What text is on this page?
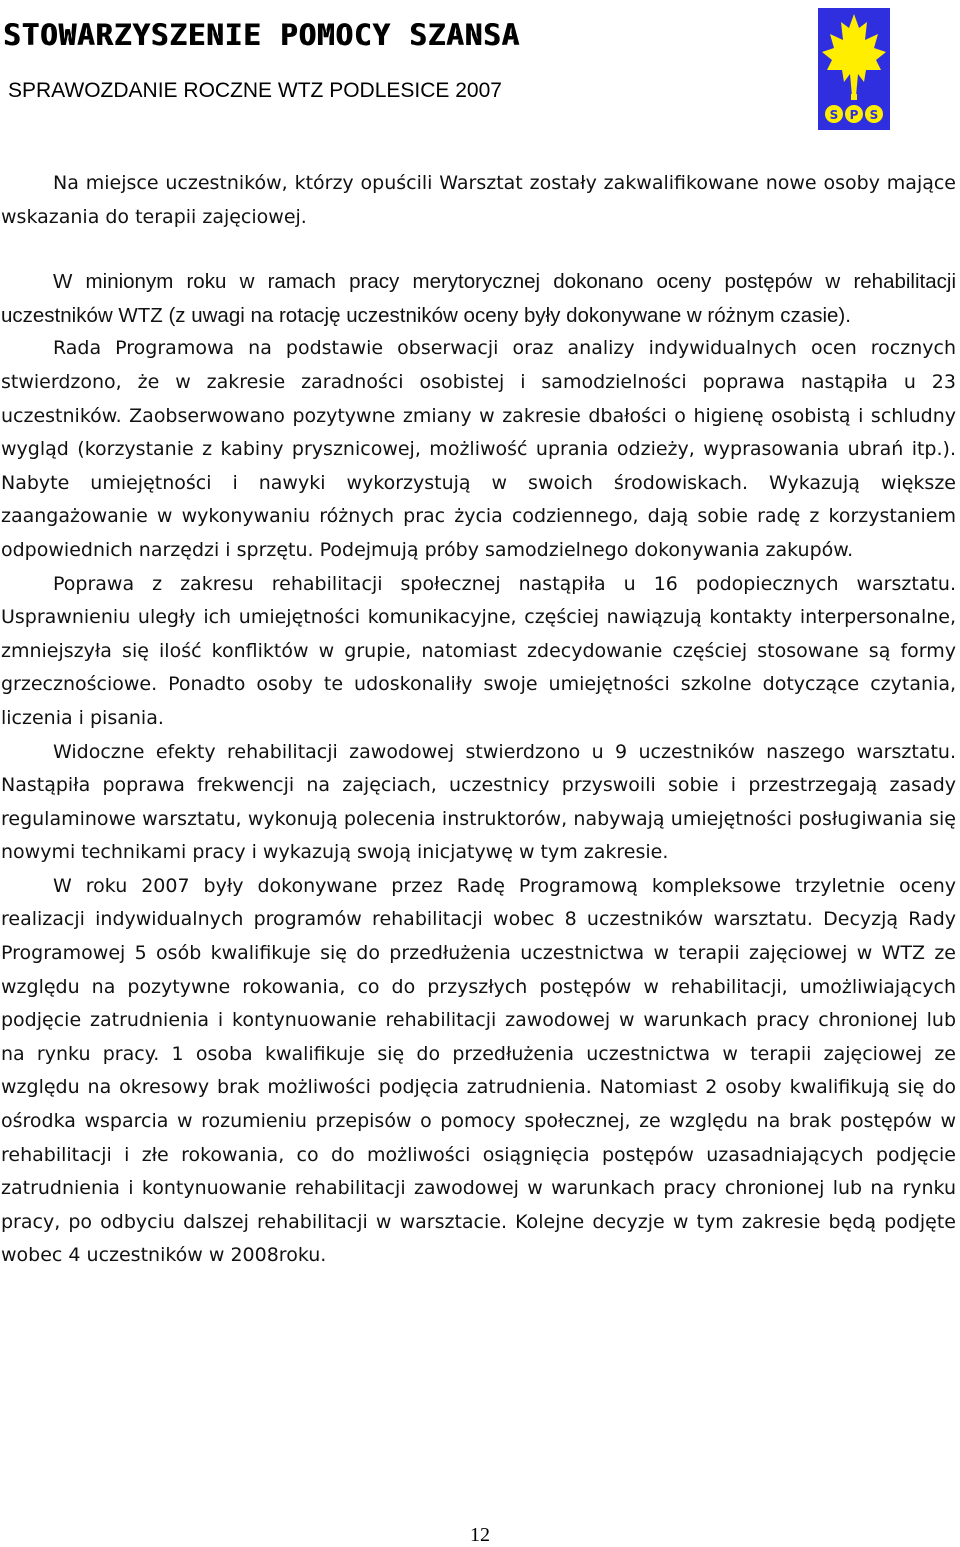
STOWARZYSZENIE POMOCY SZANSA
SPRAWOZDANIE ROCZNE WTZ PODLESICE 2007
S P S

Na miejsce uczestników, którzy opuścili Warsztat zostały zakwalifikowane nowe osoby mające wskazania do terapii zajęciowej.

W minionym roku w ramach pracy merytorycznej dokonano oceny postępów w rehabilitacji uczestników WTZ (z uwagi na rotację uczestników oceny były dokonywane w różnym czasie).

Rada Programowa na podstawie obserwacji oraz analizy indywidualnych ocen rocznych stwierdzono, że w zakresie zaradności osobistej i samodzielności poprawa nastąpiła u 23 uczestników. Zaobserwowano pozytywne zmiany w zakresie dbałości o higienę osobistą i schludny wygląd (korzystanie z kabiny prysznicowej, możliwość uprania odzieży, wyprasowania ubrań itp.). Nabyte umiejętności i nawyki wykorzystują w swoich środowiskach. Wykazują większe zaangażowanie w wykonywaniu różnych prac życia codziennego, dają sobie radę z korzystaniem odpowiednich narzędzi i sprzętu. Podejmują próby samodzielnego dokonywania zakupów.

Poprawa z zakresu rehabilitacji społecznej nastąpiła u 16 podopiecznych warsztatu. Usprawnieniu uległy ich umiejętności komunikacyjne, częściej nawiązują kontakty interpersonalne, zmniejszyła się ilość konfliktów w grupie, natomiast zdecydowanie częściej stosowane są formy grzecznościowe. Ponadto osoby te udoskonaliły swoje umiejętności szkolne dotyczące czytania, liczenia i pisania.

Widoczne efekty rehabilitacji zawodowej stwierdzono u 9 uczestników naszego warsztatu. Nastąpiła poprawa frekwencji na zajęciach, uczestnicy przyswoili sobie i przestrzegają zasady regulaminowe warsztatu, wykonują polecenia instruktorów, nabywają umiejętności posługiwania się nowymi technikami pracy i wykazują swoją inicjatywę w tym zakresie.

W roku 2007 były dokonywane przez Radę Programową kompleksowe trzyletnie oceny realizacji indywidualnych programów rehabilitacji wobec 8 uczestników warsztatu. Decyzją Rady Programowej 5 osób kwalifikuje się do przedłużenia uczestnictwa w terapii zajęciowej w WTZ ze względu na pozytywne rokowania, co do przyszłych postępów w rehabilitacji, umożliwiających podjęcie zatrudnienia i kontynuowanie rehabilitacji zawodowej w warunkach pracy chronionej lub na rynku pracy. 1 osoba kwalifikuje się do przedłużenia uczestnictwa w terapii zajęciowej ze względu na okresowy brak możliwości podjęcia zatrudnienia. Natomiast 2 osoby kwalifikują się do ośrodka wsparcia w rozumieniu przepisów o pomocy społecznej, ze względu na brak postępów w rehabilitacji i złe rokowania, co do możliwości osiągnięcia postępów uzasadniających podjęcie zatrudnienia i kontynuowanie rehabilitacji zawodowej w warunkach pracy chronionej lub na rynku pracy, po odbyciu dalszej rehabilitacji w warsztacie. Kolejne decyzje w tym zakresie będą podjęte wobec 4 uczestników w 2008roku.

12
